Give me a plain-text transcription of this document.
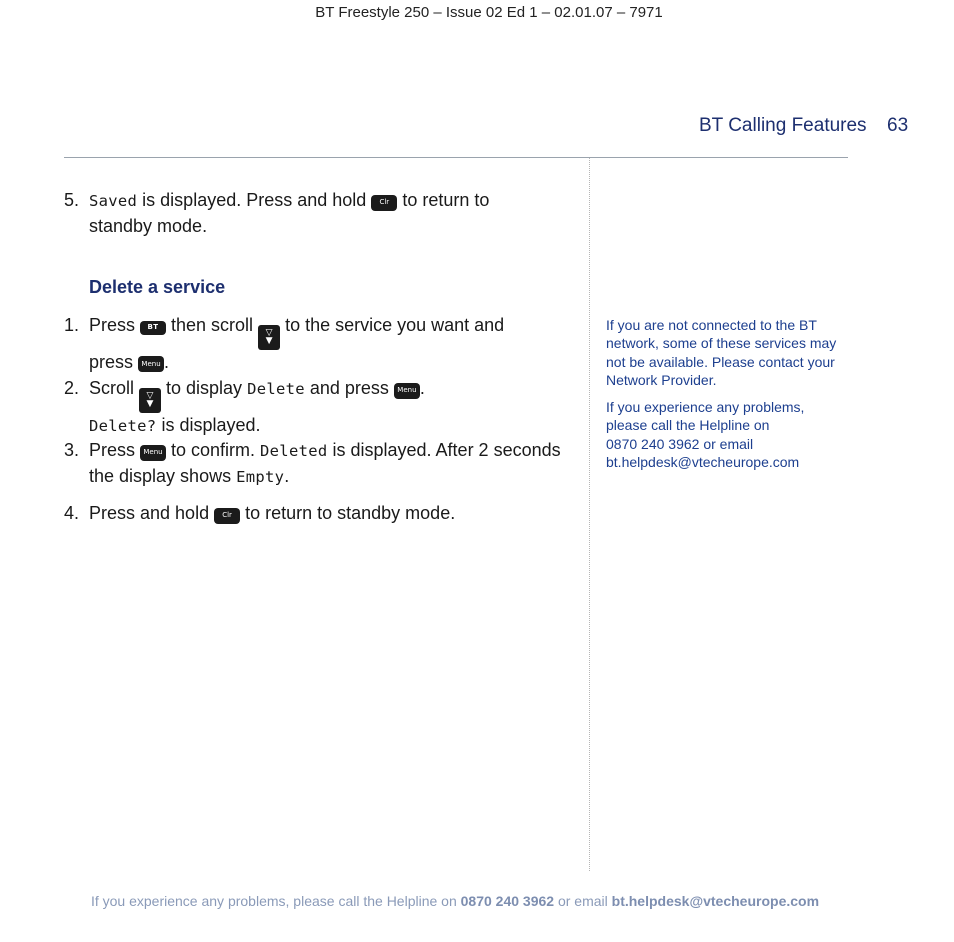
BT Freestyle 250 – Issue 02 Ed 1 – 02.01.07 – 7971
BT Calling Features 63
5. Saved is displayed. Press and hold Clr to return to
standby mode.
Delete a service
1. Press BT then scroll ▽
▼
to the service you want and
press Menu .
2. Scroll ▽
▼
to display Delete and press Menu .
Delete? is displayed.
3. Press Menu to confirm. Deleted is displayed. After 2 seconds
the display shows Empty.
4. Press and hold Clr to return to standby mode.
If you are not connected to the BT
network, some of these services may
not be available. Please contact your
Network Provider.
If you experience any problems,
please call the Helpline on
0870 240 3962 or email
bt.helpdesk@vtecheurope.com
If you experience any problems, please call the Helpline on 0870 240 3962 or email bt.helpdesk@vtecheurope.com
